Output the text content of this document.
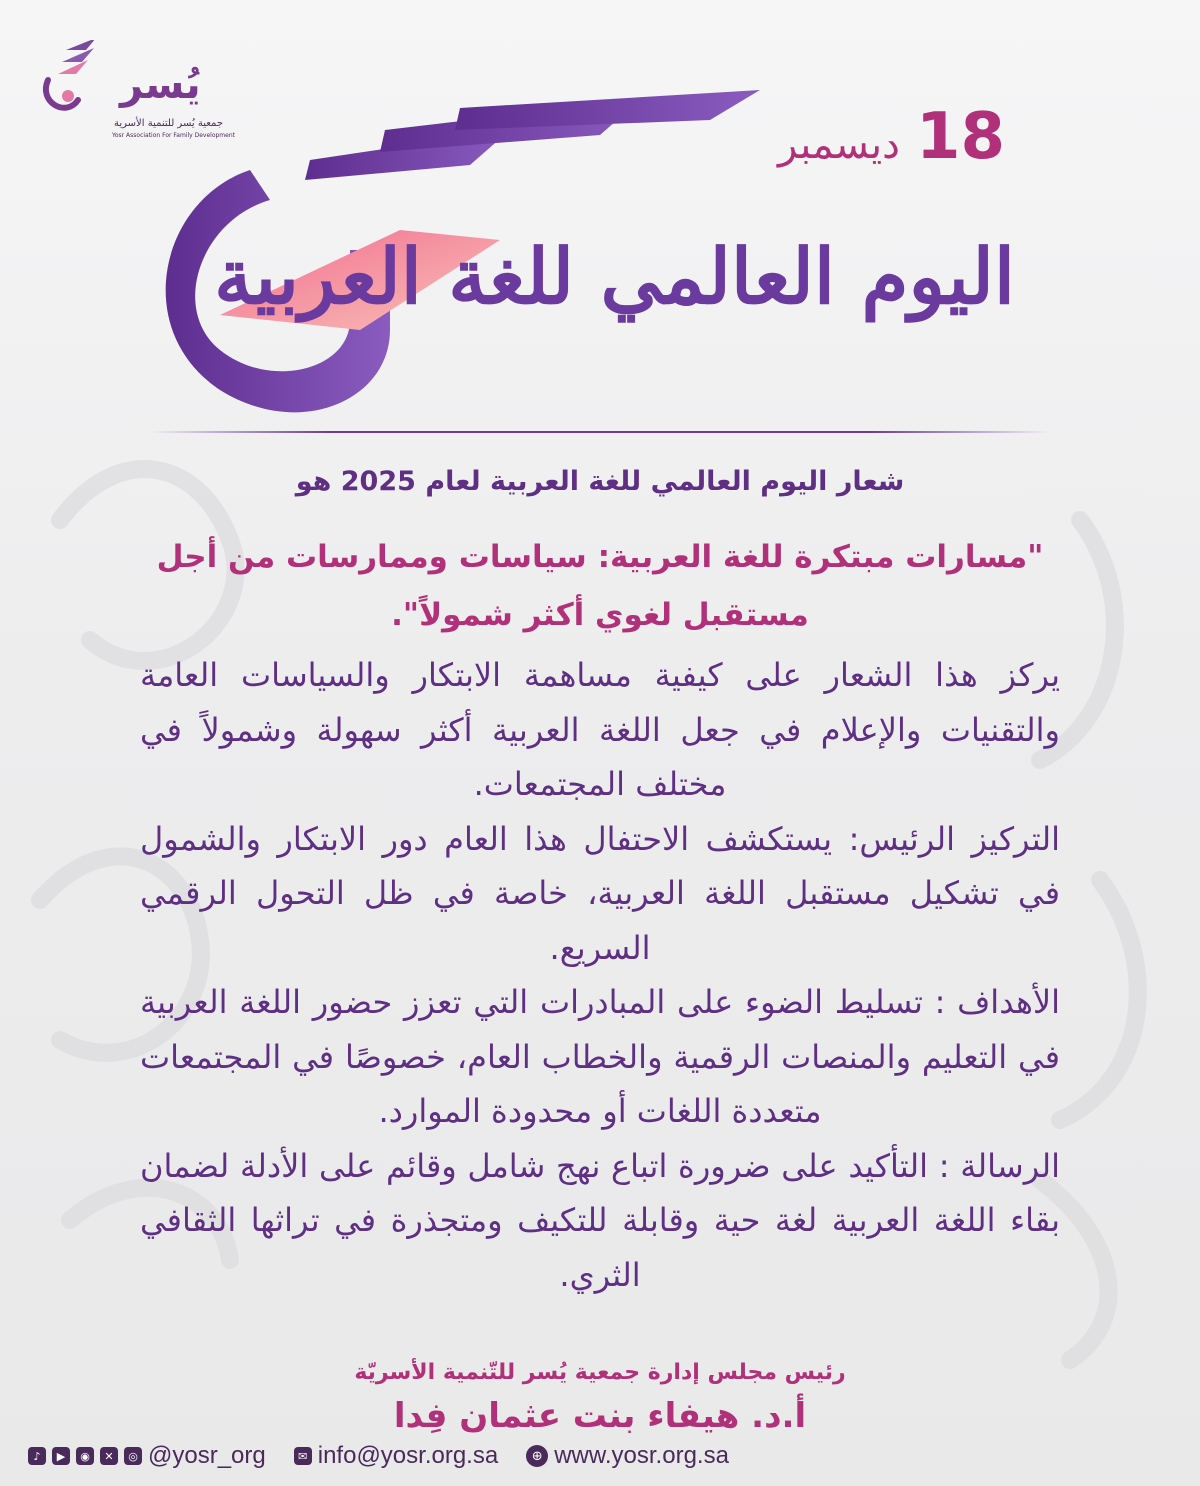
يُسر
جمعية يُسر للتنمية الأسرية
Yosr Association For Family Development	18
ديسمبر
اليوم العالمي للغة العربية
شعار اليوم العالمي للغة العربية لعام 2025 هو
"مسارات مبتكرة للغة العربية: سياسات وممارسات من أجل
مستقبل لغوي أكثر شمولاً".

يركز هذا الشعار على كيفية مساهمة الابتكار والسياسات العامة والتقنيات والإعلام في جعل اللغة العربية أكثر سهولة وشمولاً في مختلف المجتمعات.

التركيز الرئيس: يستكشف الاحتفال هذا العام دور الابتكار والشمول في تشكيل مستقبل اللغة العربية، خاصة في ظل التحول الرقمي السريع.

الأهداف : تسليط الضوء على المبادرات التي تعزز حضور اللغة العربية في التعليم والمنصات الرقمية والخطاب العام، خصوصًا في المجتمعات متعددة اللغات أو محدودة الموارد.

الرسالة : التأكيد على ضرورة اتباع نهج شامل وقائم على الأدلة لضمان بقاء اللغة العربية لغة حية وقابلة للتكيف ومتجذرة في تراثها الثقافي الثري.

رئيس مجلس إدارة جمعية يُسر للتّنمية الأسريّة
أ.د. هيفاء بنت عثمان فِدا
♪	▶	◉	✕	◎ @yosr_org	✉ info@yosr.org.sa	⊕ www.yosr.org.sa
